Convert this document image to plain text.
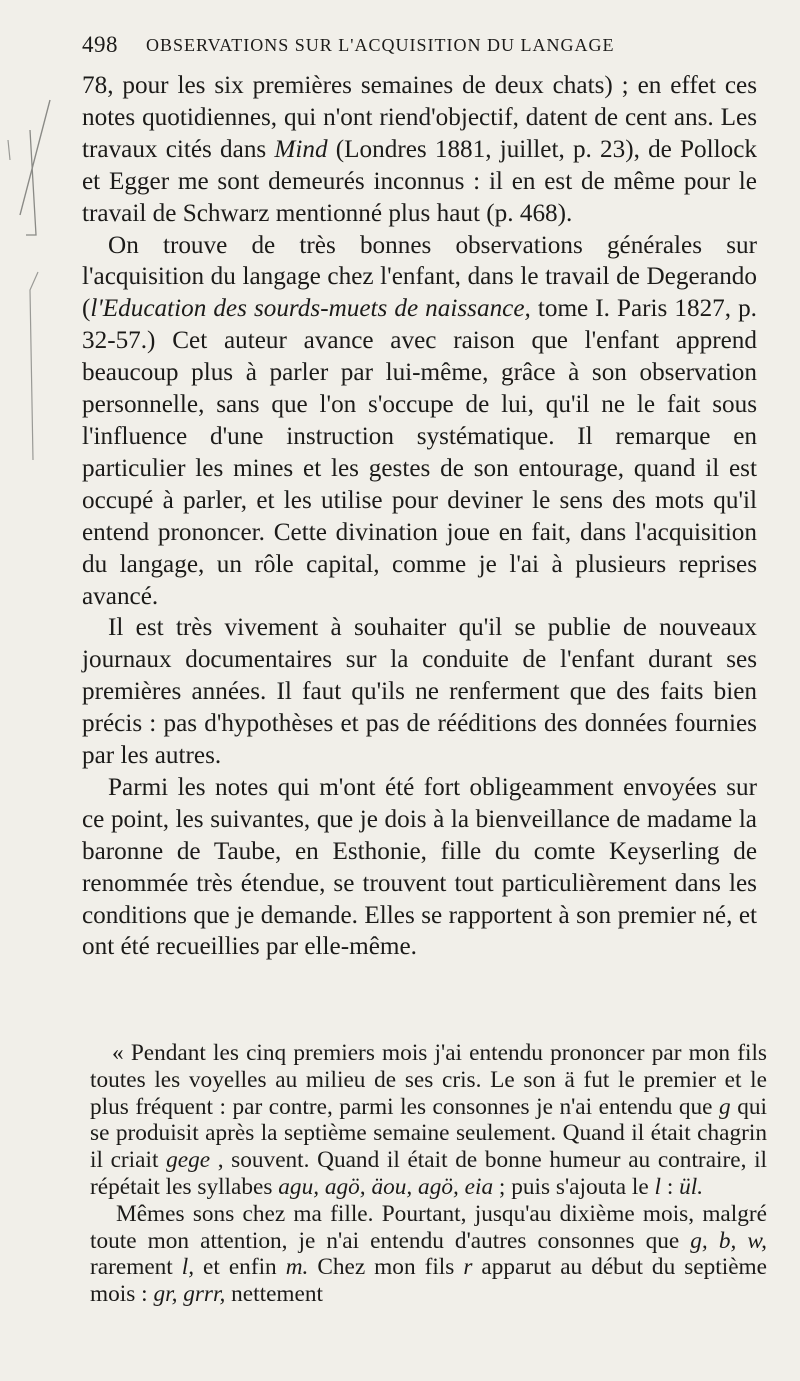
498 OBSERVATIONS SUR L'ACQUISITION DU LANGAGE

78, pour les six premières semaines de deux chats) ; en effet ces notes quotidiennes, qui n'ont riend'objectif, datent de cent ans. Les travaux cités dans Mind (Londres 1881, juillet, p. 23), de Pollock et Egger me sont demeurés inconnus : il en est de même pour le travail de Schwarz mentionné plus haut (p. 468).

On trouve de très bonnes observations générales sur l'acquisition du langage chez l'enfant, dans le travail de Degerando (l'Education des sourds-muets de naissance, tome I. Paris 1827, p. 32-57.) Cet auteur avance avec raison que l'enfant apprend beaucoup plus à parler par lui-même, grâce à son observation personnelle, sans que l'on s'occupe de lui, qu'il ne le fait sous l'influence d'une instruction systématique. Il remarque en particulier les mines et les gestes de son entourage, quand il est occupé à parler, et les utilise pour deviner le sens des mots qu'il entend prononcer. Cette divination joue en fait, dans l'acquisition du langage, un rôle capital, comme je l'ai à plusieurs reprises avancé.

Il est très vivement à souhaiter qu'il se publie de nouveaux journaux documentaires sur la conduite de l'enfant durant ses premières années. Il faut qu'ils ne renferment que des faits bien précis : pas d'hypothèses et pas de rééditions des données fournies par les autres.

Parmi les notes qui m'ont été fort obligeamment envoyées sur ce point, les suivantes, que je dois à la bienveillance de madame la baronne de Taube, en Esthonie, fille du comte Keyserling de renommée très étendue, se trouvent tout particulièrement dans les conditions que je demande. Elles se rapportent à son premier né, et ont été recueillies par elle-même.

« Pendant les cinq premiers mois j'ai entendu prononcer par mon fils toutes les voyelles au milieu de ses cris. Le son ä fut le premier et le plus fréquent : par contre, parmi les consonnes je n'ai entendu que g qui se produisit après la septième semaine seulement. Quand il était chagrin il criait gege , souvent. Quand il était de bonne humeur au contraire, il répétait les syllabes agu, agö, äou, agö, eia ; puis s'ajouta le l : ül.

Mêmes sons chez ma fille. Pourtant, jusqu'au dixième mois, malgré toute mon attention, je n'ai entendu d'autres consonnes que g, b, w, rarement l, et enfin m. Chez mon fils r apparut au début du septième mois : gr, grrr, nettement
